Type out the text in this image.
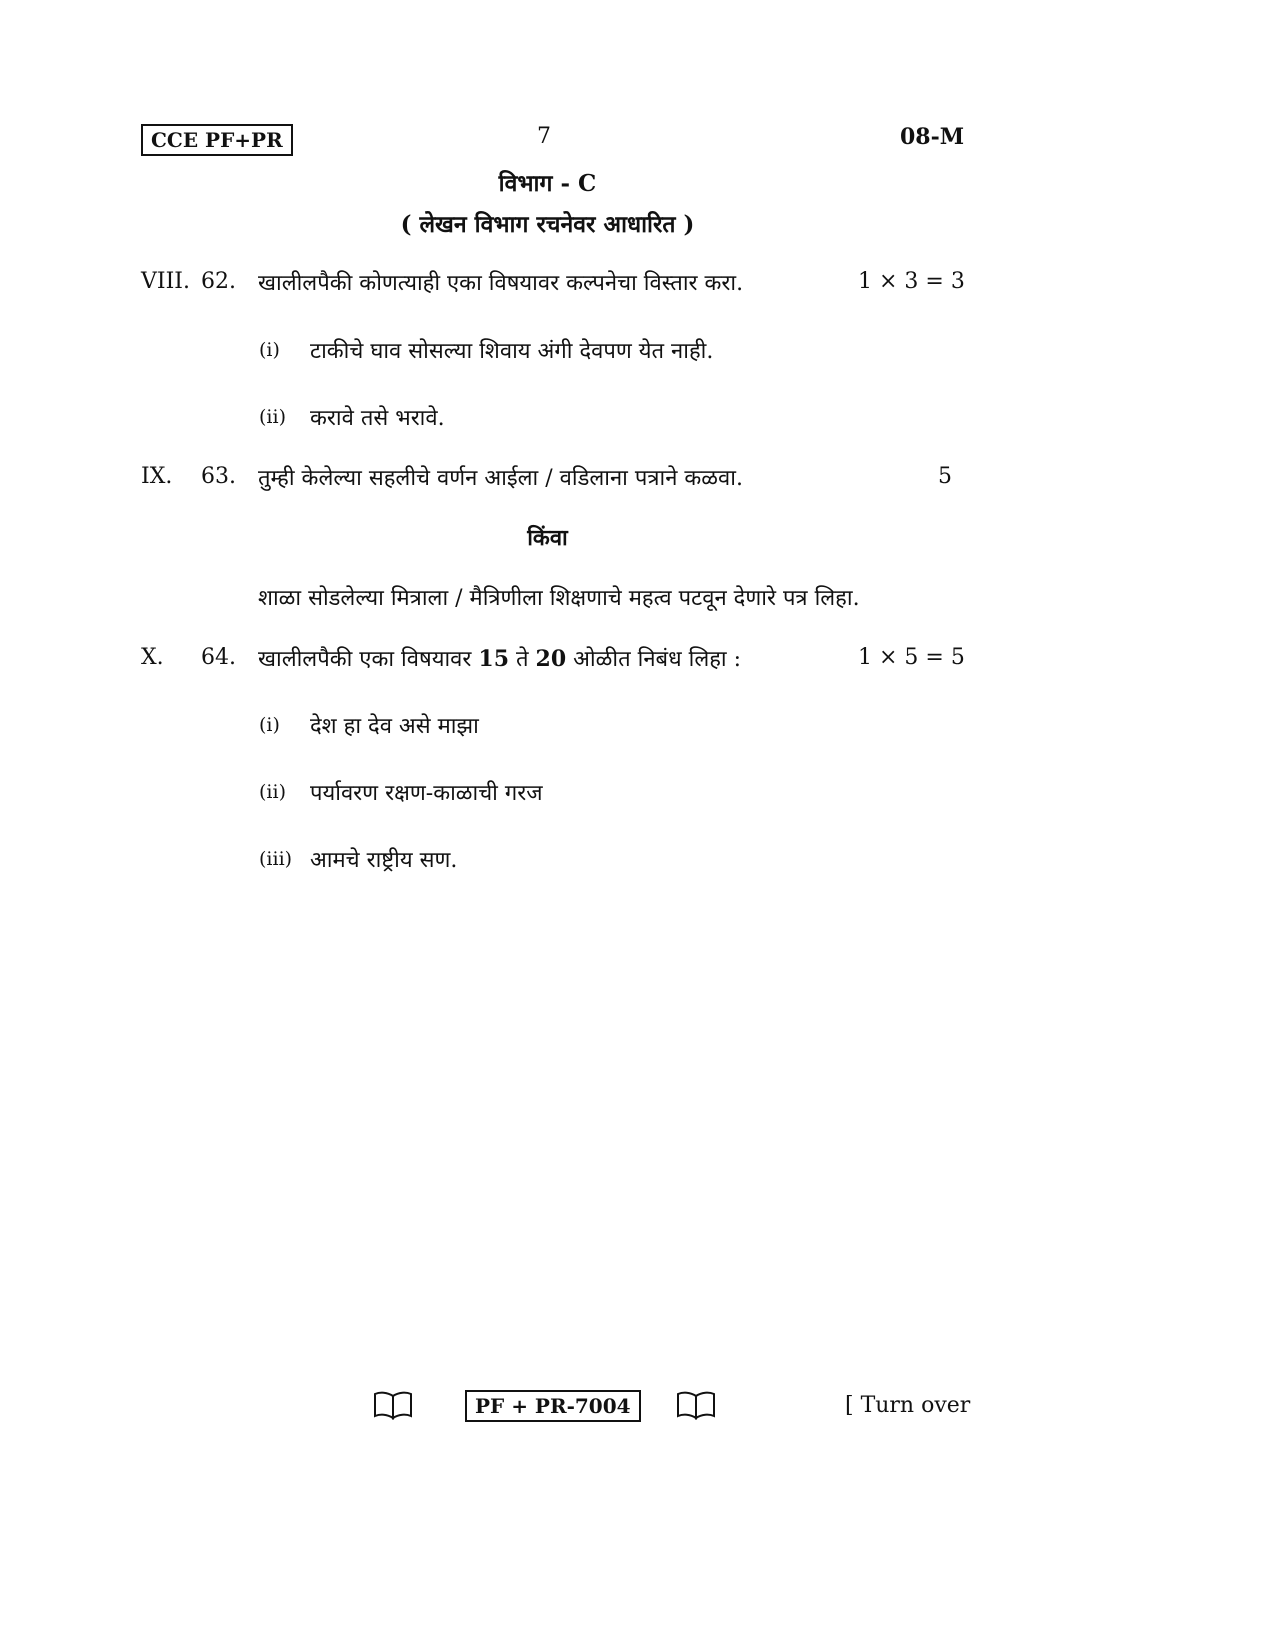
CCE PF+PR	7	08-M
विभाग - C
( लेखन विभाग रचनेवर आधारित )
VIII. 62. खालीलपैकी कोणत्याही एका विषयावर कल्पनेचा विस्तार करा.	1 × 3 = 3
(i) टाकीचे घाव सोसल्या शिवाय अंगी देवपण येत नाही.
(ii) करावे तसे भरावे.
IX. 63. तुम्ही केलेल्या सहलीचे वर्णन आईला / वडिलाना पत्राने कळवा.	5
किंवा
शाळा सोडलेल्या मित्राला / मैत्रिणीला शिक्षणाचे महत्व पटवून देणारे पत्र लिहा.
X. 64. खालीलपैकी एका विषयावर 15 ते 20 ओळीत निबंध लिहा :	1 × 5 = 5
(i) देश हा देव असे माझा
(ii) पर्यावरण रक्षण-काळाची गरज
(iii) आमचे राष्ट्रीय सण.
PF + PR-7004	[ Turn over
